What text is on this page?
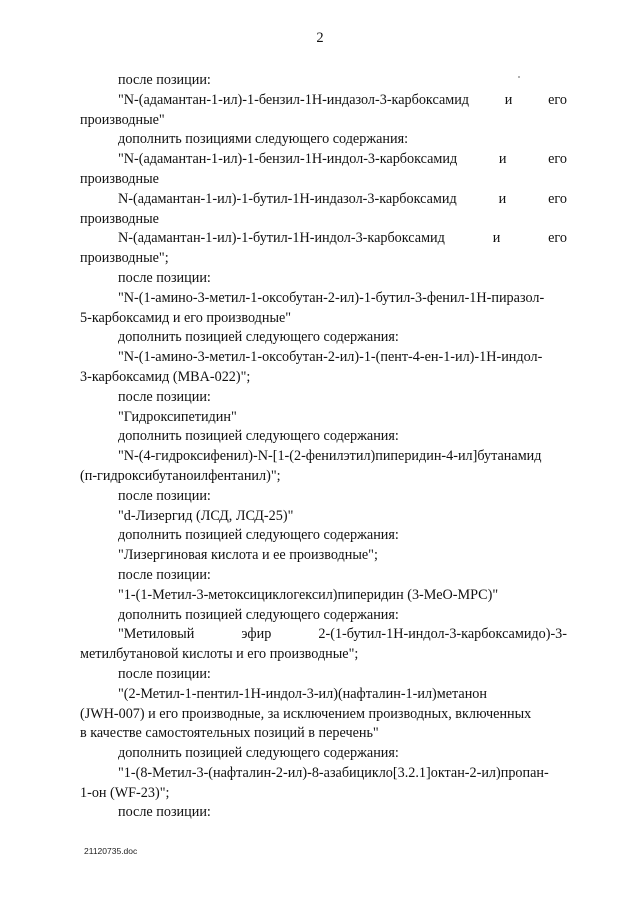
2
после позиции:
"N-(адамантан-1-ил)-1-бензил-1Н-индазол-3-карбоксамид	и	его
производные"
дополнить позициями следующего содержания:
"N-(адамантан-1-ил)-1-бензил-1Н-индол-3-карбоксамид	и	его
производные
N-(адамантан-1-ил)-1-бутил-1Н-индазол-3-карбоксамид	и	его
производные
N-(адамантан-1-ил)-1-бутил-1Н-индол-3-карбоксамид	и	его
производные";
после позиции:
"N-(1-амино-3-метил-1-оксобутан-2-ил)-1-бутил-3-фенил-1Н-пиразол-
5-карбоксамид и его производные"
дополнить позицией следующего содержания:
"N-(1-амино-3-метил-1-оксобутан-2-ил)-1-(пент-4-ен-1-ил)-1Н-индол-
3-карбоксамид (MBA-022)";
после позиции:
"Гидроксипетидин"
дополнить позицией следующего содержания:
"N-(4-гидроксифенил)-N-[1-(2-фенилэтил)пиперидин-4-ил]бутанамид
(п-гидроксибутаноилфентанил)";
после позиции:
"d-Лизергид (ЛСД, ЛСД-25)"
дополнить позицией следующего содержания:
"Лизергиновая кислота и ее производные";
после позиции:
"1-(1-Метил-3-метоксициклогексил)пиперидин (3-МеО-МРС)"
дополнить позицией следующего содержания:
"Метиловый	эфир	2-(1-бутил-1Н-индол-3-карбоксамидо)-3-
метилбутановой кислоты и его производные";
после позиции:
"(2-Метил-1-пентил-1Н-индол-3-ил)(нафталин-1-ил)метанон
(JWH-007) и его производные, за исключением производных, включенных
в качестве самостоятельных позиций в перечень"
дополнить позицией следующего содержания:
"1-(8-Метил-3-(нафталин-2-ил)-8-азабицикло[3.2.1]октан-2-ил)пропан-
1-он (WF-23)";
после позиции:
21120735.doc
